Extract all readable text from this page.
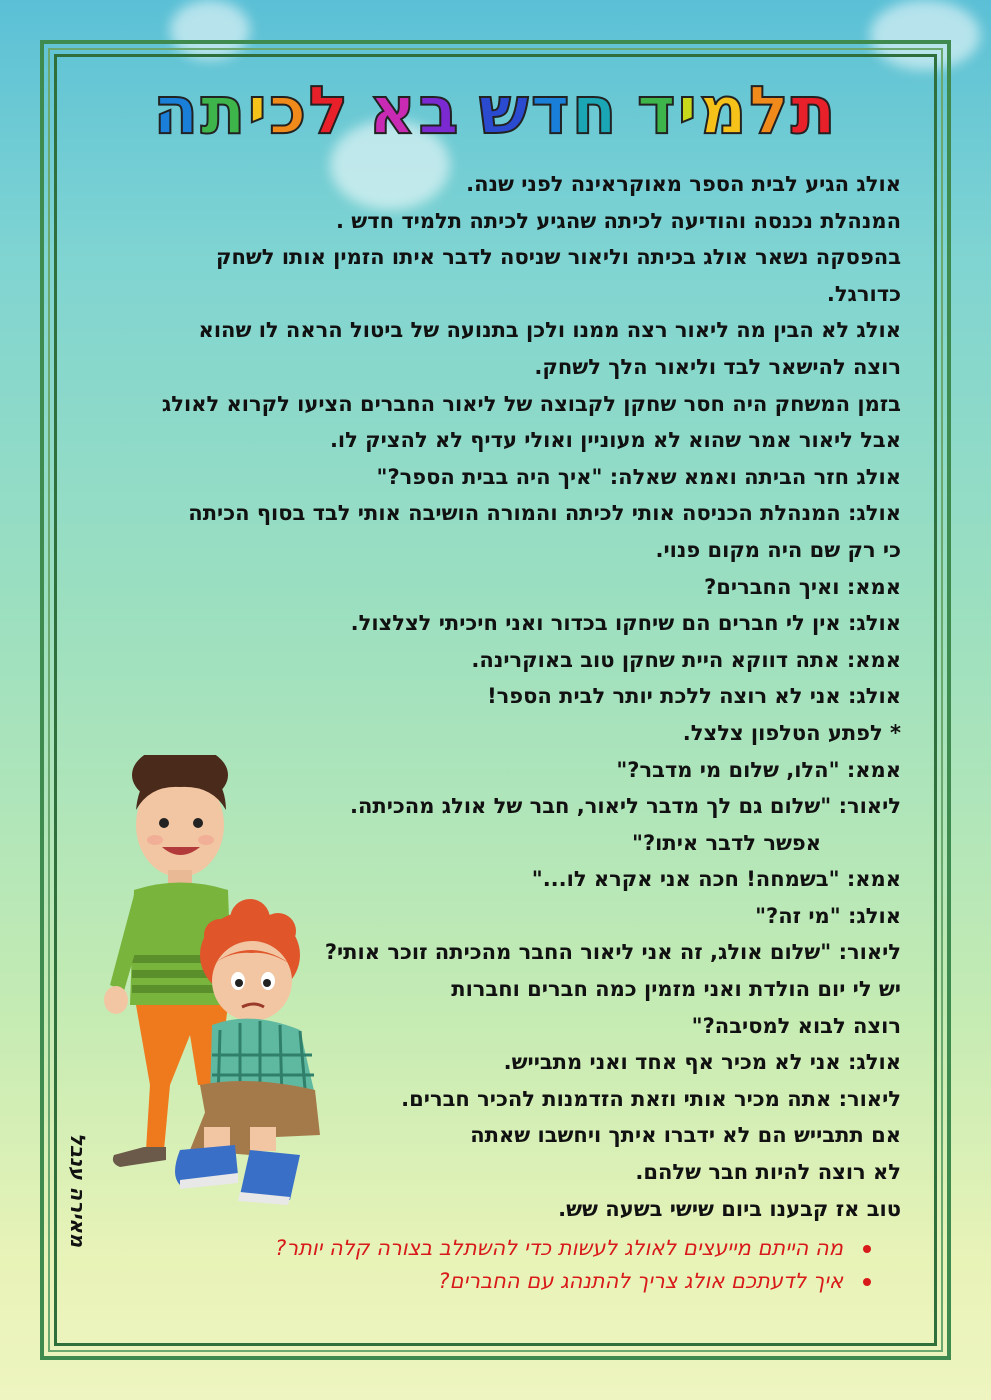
תלמיד חדש בא לכיתה
אולג הגיע לבית הספר מאוקראינה לפני שנה.
המנהלת נכנסה והודיעה לכיתה שהגיע לכיתה תלמיד חדש .
בהפסקה נשאר אולג בכיתה וליאור שניסה לדבר איתו הזמין אותו לשחק
כדורגל.
אולג לא הבין מה ליאור רצה ממנו ולכן בתנועה של ביטול הראה לו שהוא
רוצה להישאר לבד וליאור הלך לשחק.
בזמן המשחק היה חסר שחקן לקבוצה של ליאור החברים הציעו לקרוא לאולג
אבל ליאור אמר שהוא לא מעוניין ואולי עדיף לא להציק לו.
אולג חזר הביתה ואמא שאלה: "איך היה בבית הספר?"
אולג: המנהלת הכניסה אותי לכיתה והמורה הושיבה אותי לבד בסוף הכיתה
כי רק שם היה מקום פנוי.
אמא: ואיך החברים?
אולג: אין לי חברים הם שיחקו בכדור ואני חיכיתי לצלצול.
אמא: אתה דווקא היית שחקן טוב באוקרינה.
אולג: אני לא רוצה ללכת יותר לבית הספר!
* לפתע הטלפון צלצל.
אמא: "הלו, שלום מי מדבר?"
ליאור: "שלום גם לך מדבר ליאור, חבר של אולג מהכיתה.
אפשר לדבר איתו?"
אמא: "בשמחה! חכה אני אקרא לו..."
אולג: "מי זה?"
ליאור: "שלום אולג, זה אני ליאור החבר מהכיתה זוכר אותי?
יש לי יום הולדת ואני מזמין כמה חברים וחברות
רוצה לבוא למסיבה?"
אולג: אני לא מכיר אף אחד ואני מתבייש.
ליאור: אתה מכיר אותי וזאת הזדמנות להכיר חברים.
אם תתבייש הם לא ידברו איתך ויחשבו שאתה
לא רוצה להיות חבר שלהם.
טוב אז קבענו ביום שישי בשעה שש.
מאירה ענבל
מה הייתם מייעצים לאולג לעשות כדי להשתלב בצורה קלה יותר?
איך לדעתכם אולג צריך להתנהג עם החברים?
